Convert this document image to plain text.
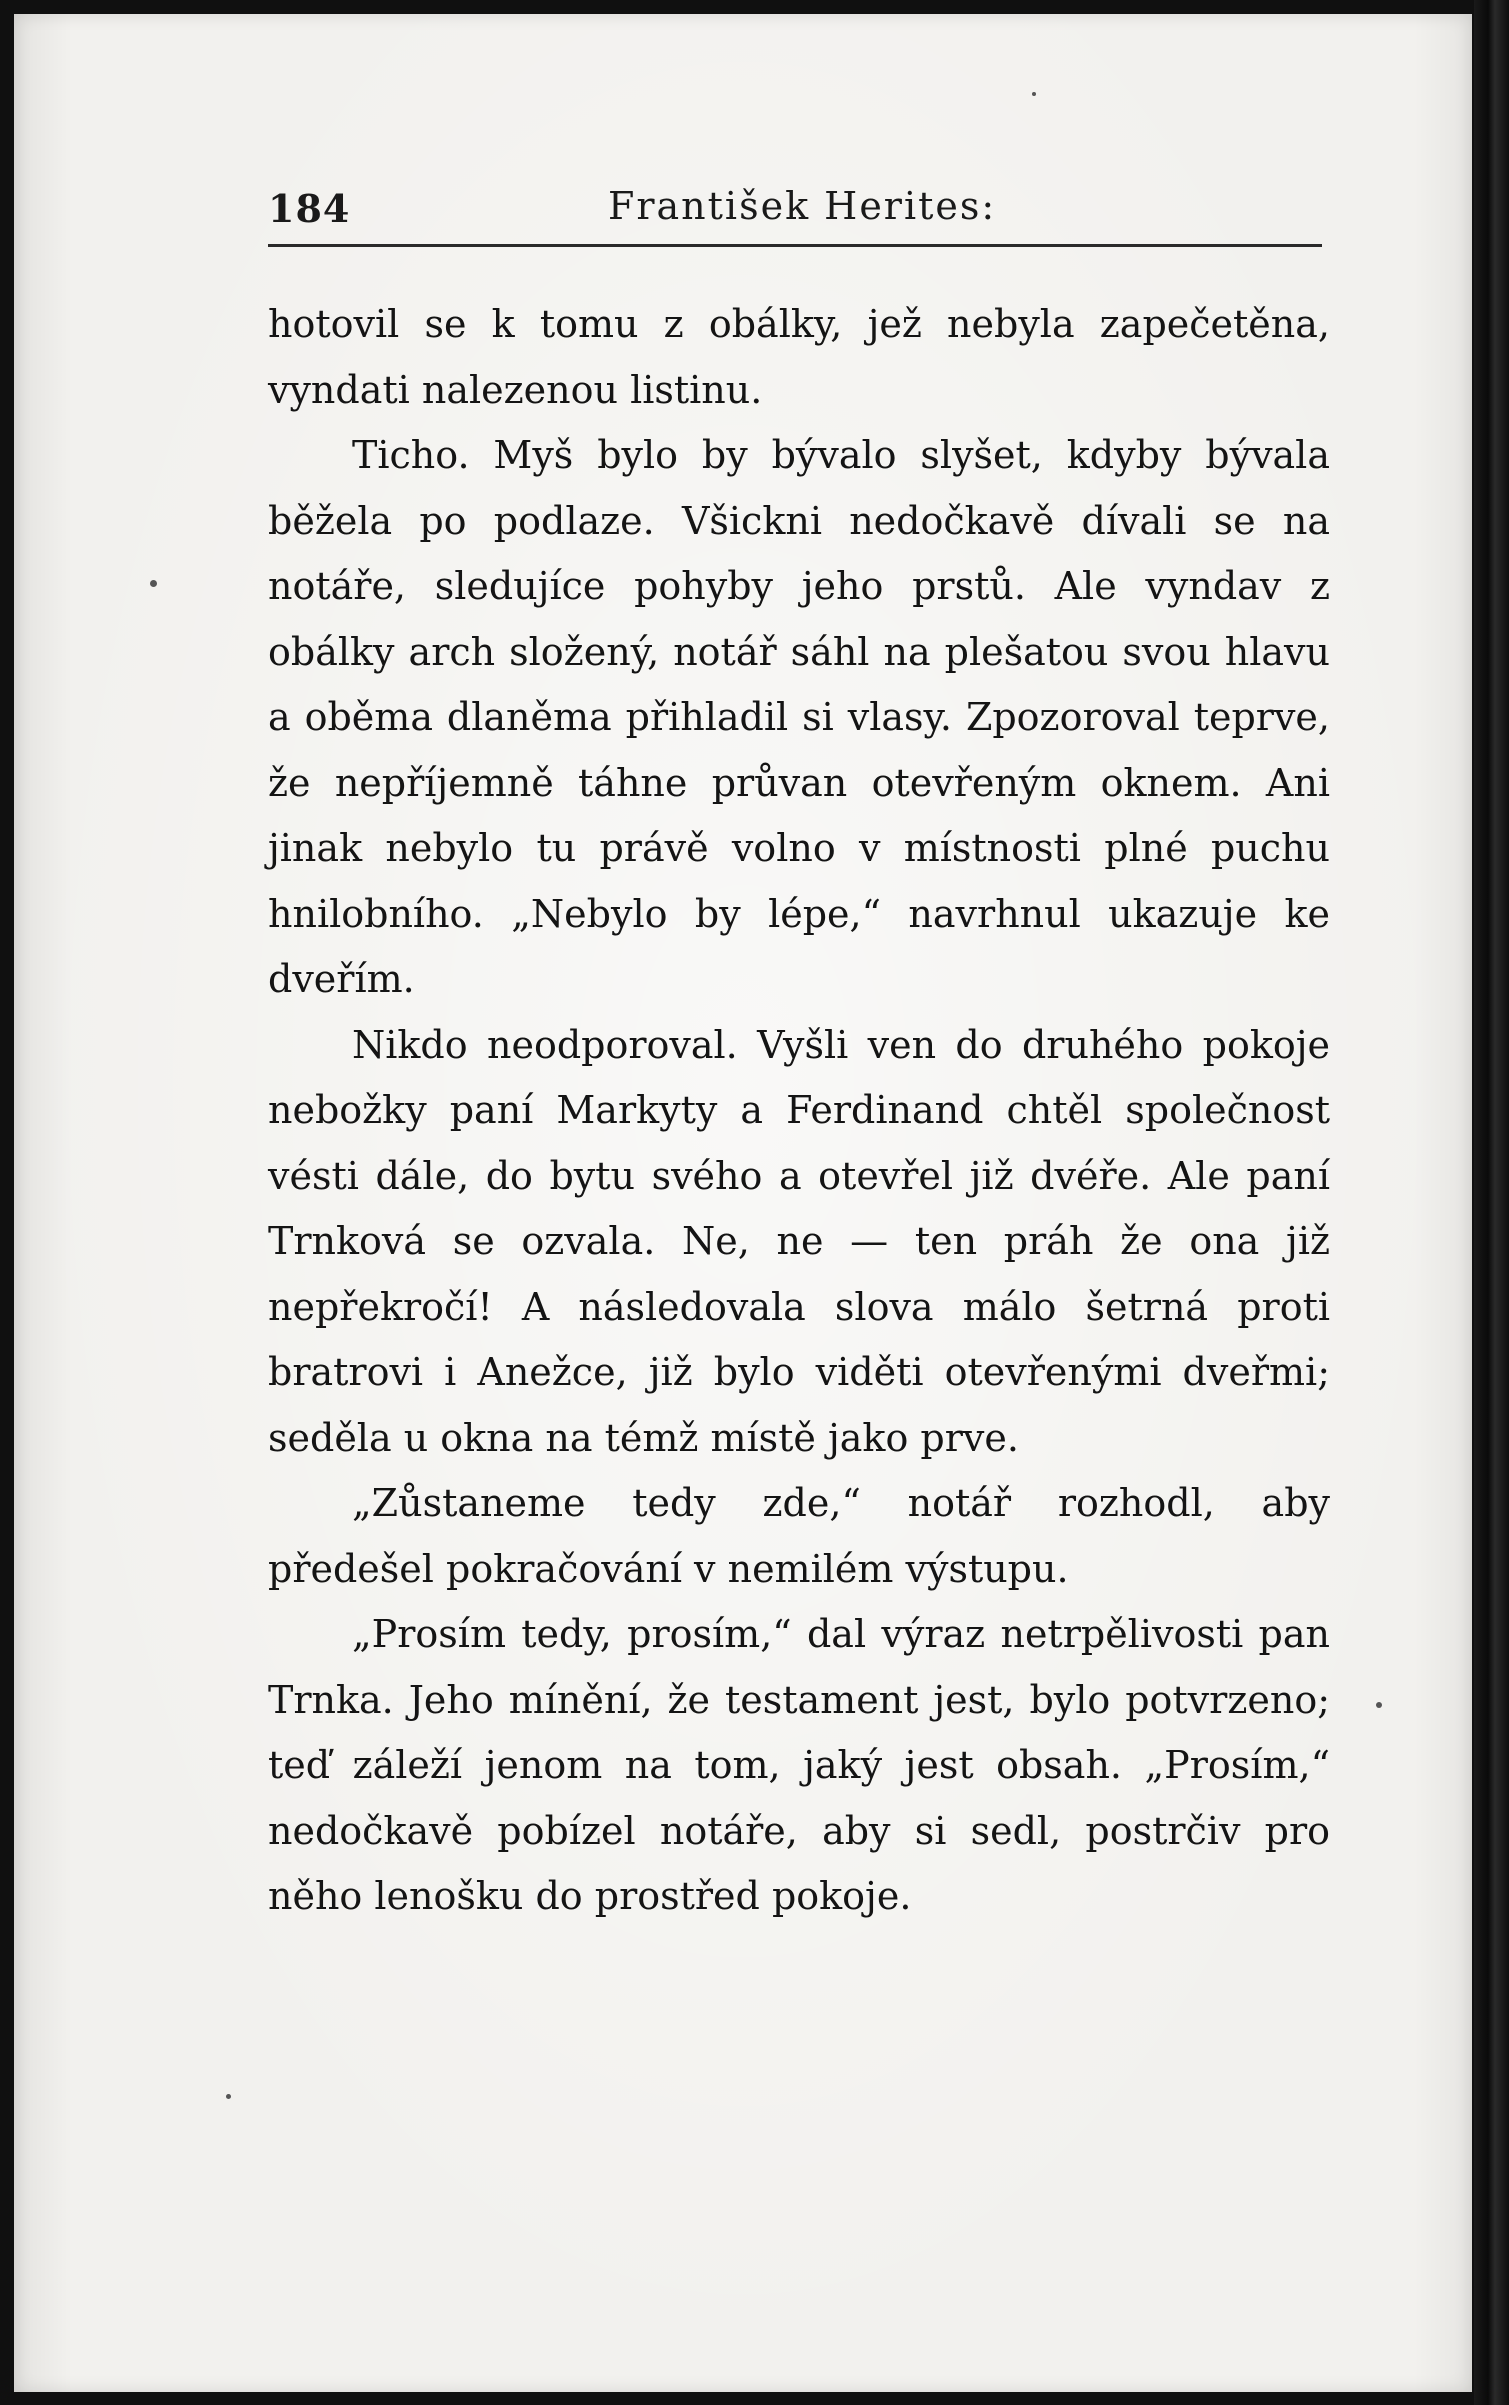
184	František Herites:

hotovil se k tomu z obálky, jež nebyla zapečetěna, vyndati nalezenou listinu.

Ticho. Myš bylo by bývalo slyšet, kdyby bývala běžela po podlaze. Všickni nedočkavě dívali se na notáře, sledujíce pohyby jeho prstů. Ale vyndav z obálky arch složený, notář sáhl na plešatou svou hlavu a oběma dlaněma přihladil si vlasy. Zpozoroval teprve, že nepříjemně táhne průvan otevřeným oknem. Ani jinak nebylo tu právě volno v místnosti plné puchu hnilobního. „Nebylo by lépe,“ navrhnul ukazuje ke dveřím.

Nikdo neodporoval. Vyšli ven do druhého pokoje nebožky paní Markyty a Ferdinand chtěl společnost vésti dále, do bytu svého a otevřel již dvéře. Ale paní Trnková se ozvala. Ne, ne — ten práh že ona již nepřekročí! A následovala slova málo šetrná proti bratrovi i Anežce, již bylo viděti otevřenými dveřmi; seděla u okna na témž místě jako prve.

„Zůstaneme tedy zde,“ notář rozhodl, aby předešel pokračování v nemilém výstupu.

„Prosím tedy, prosím,“ dal výraz netrpělivosti pan Trnka. Jeho mínění, že testament jest, bylo potvrzeno; teď záleží jenom na tom, jaký jest obsah. „Prosím,“ nedočkavě pobízel notáře, aby si sedl, postrčiv pro něho lenošku do prostřed pokoje.
